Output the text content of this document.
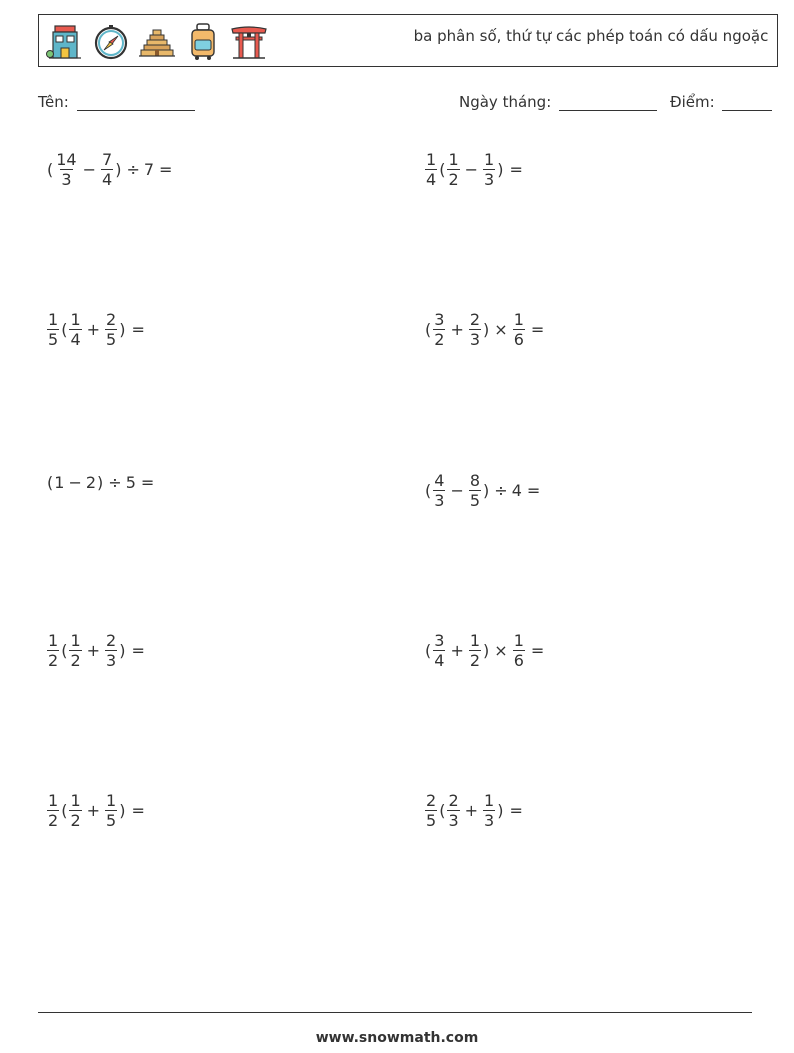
ba phân số, thứ tự các phép toán có dấu ngoặc
Tên:	Ngày tháng:	Điểm:
( $\frac{14}{3} - \frac{7}{4}$ ) ÷ 7 =	$\frac{1}{4}$ ( $\frac{1}{2} - \frac{1}{3}$ ) =
$\frac{1}{5}$ ( $\frac{1}{4} + \frac{2}{5}$ ) =	( $\frac{3}{2} + \frac{2}{3}$ ) × $\frac{1}{6}$ =
( 1 − 2 ) ÷ 5 =	( $\frac{4}{3} - \frac{8}{5}$ ) ÷ 4 =
$\frac{1}{2}$ ( $\frac{1}{2} + \frac{2}{3}$ ) =	( $\frac{3}{4} + \frac{1}{2}$ ) × $\frac{1}{6}$ =
$\frac{1}{2}$ ( $\frac{1}{2} + \frac{1}{5}$ ) =	$\frac{2}{5}$ ( $\frac{2}{3} + \frac{1}{3}$ ) =
www.snowmath.com
